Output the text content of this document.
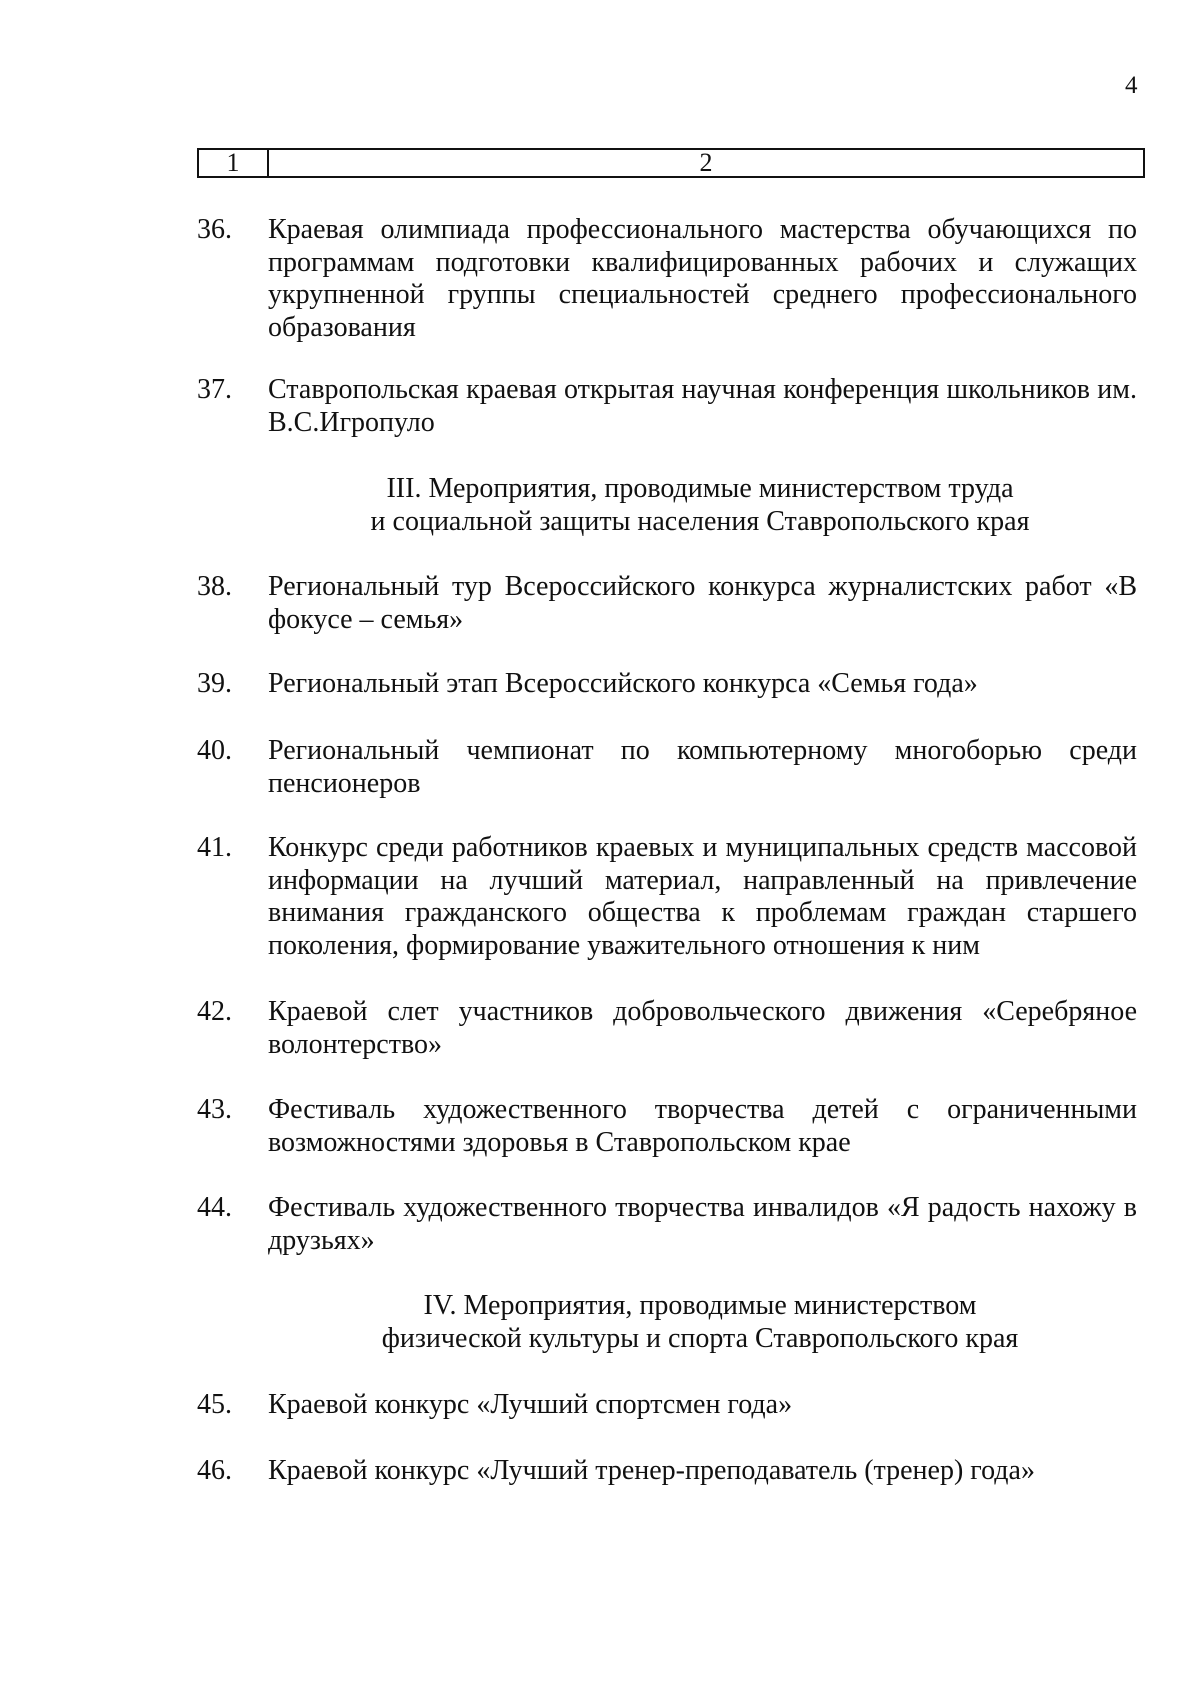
4
1	2
36.	Краевая олимпиада профессионального мастерства обучающихся по программам подготовки квалифицированных рабочих и служащих укрупненной группы специальностей среднего профессионального образования
37.	Ставропольская краевая открытая научная конференция школьников им. В.С.Игропуло
III. Мероприятия, проводимые министерством труда
и социальной защиты населения Ставропольского края
38.	Региональный тур Всероссийского конкурса журналистских работ «В фокусе – семья»
39.	Региональный этап Всероссийского конкурса «Семья года»
40.	Региональный чемпионат по компьютерному многоборью среди пенсионеров
41.	Конкурс среди работников краевых и муниципальных средств массовой информации на лучший материал, направленный на привлечение внимания гражданского общества к проблемам граждан старшего поколения, формирование уважительного отношения к ним
42.	Краевой слет участников добровольческого движения «Серебряное волонтерство»
43.	Фестиваль художественного творчества детей с ограниченными возможностями здоровья в Ставропольском крае
44.	Фестиваль художественного творчества инвалидов «Я радость нахожу в друзьях»
IV. Мероприятия, проводимые министерством
физической культуры и спорта Ставропольского края
45.	Краевой конкурс «Лучший спортсмен года»
46.	Краевой конкурс «Лучший тренер-преподаватель (тренер) года»
